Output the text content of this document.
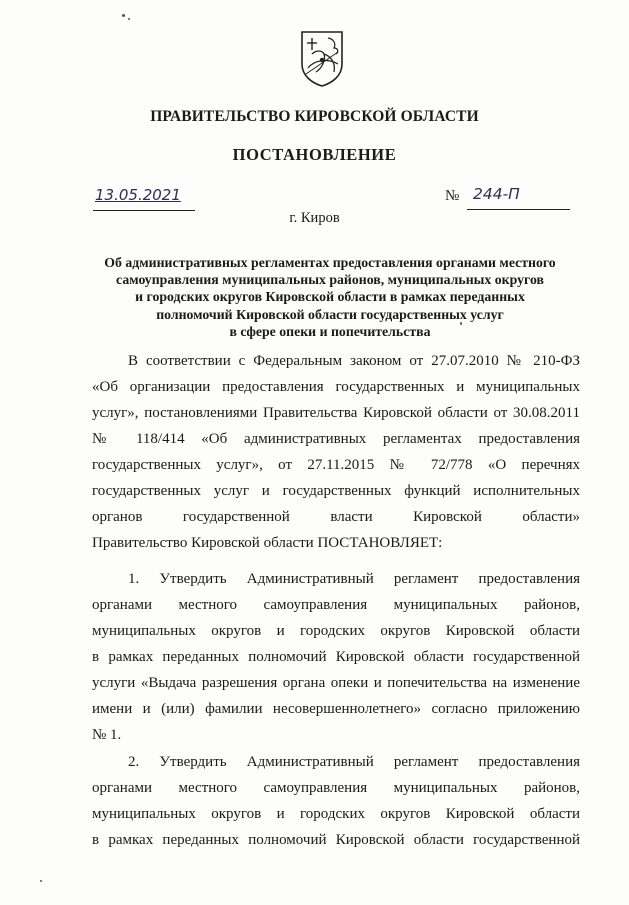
ПРАВИТЕЛЬСТВО КИРОВСКОЙ ОБЛАСТИ
ПОСТАНОВЛЕНИЕ
13.05.2021	№ 244-П
г. Киров
Об административных регламентах предоставления органами местного
самоуправления муниципальных районов, муниципальных округов
и городских округов Кировской области в рамках переданных
полномочий Кировской области государственных услуг
в сфере опеки и попечительства
В соответствии с Федеральным законом от 27.07.2010 № 210-ФЗ
«Об организации предоставления государственных и муниципальных
услуг», постановлениями Правительства Кировской области от 30.08.2011
№ 118/414 «Об административных регламентах предоставления
государственных услуг», от 27.11.2015 № 72/778 «О перечнях
государственных услуг и государственных функций исполнительных
органов государственной власти Кировской области»
Правительство Кировской области ПОСТАНОВЛЯЕТ:
1. Утвердить Административный регламент предоставления
органами местного самоуправления муниципальных районов,
муниципальных округов и городских округов Кировской области
в рамках переданных полномочий Кировской области государственной
услуги «Выдача разрешения органа опеки и попечительства на изменение
имени и (или) фамилии несовершеннолетнего» согласно приложению
№ 1.
2. Утвердить Административный регламент предоставления
органами местного самоуправления муниципальных районов,
муниципальных округов и городских округов Кировской области
в рамках переданных полномочий Кировской области государственной
